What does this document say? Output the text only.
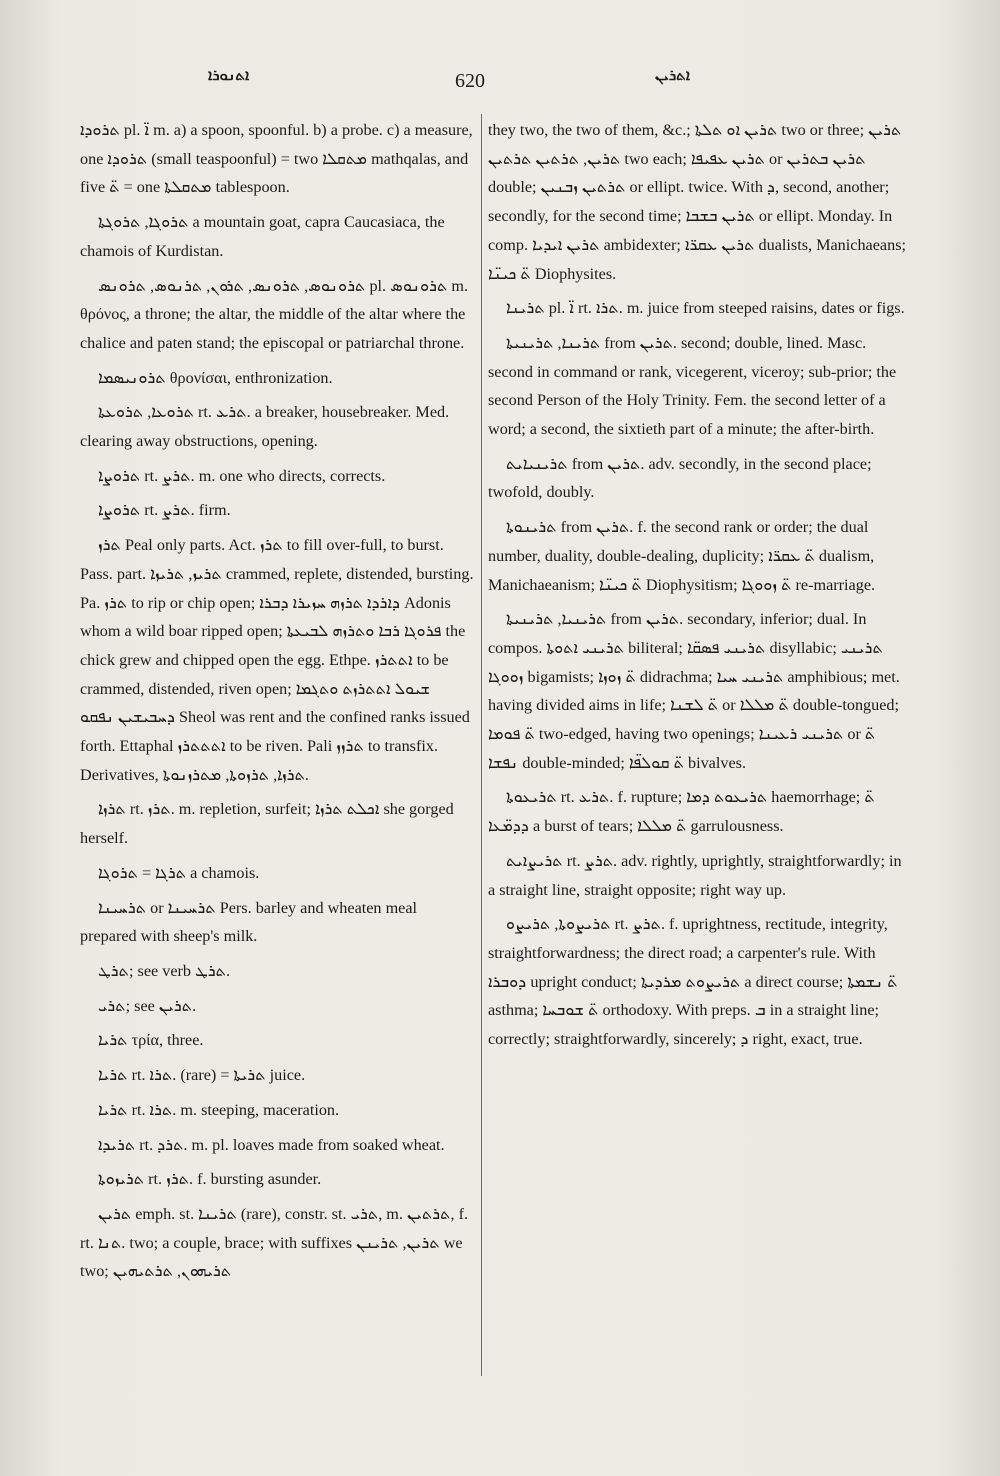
ܐܬܢܘܪܐ	620	ܐܬܪܝܢ

ܬܪܘܕܐ pl. ܐ̈ m. a) a spoon, spoonful. b) a probe. c) a measure, one ܬܪܘܕܐ (small teaspoonful) = two ܡܬܩܠܐ mathqalas, and five ܬ̈ = one ܡܬܩܠܬܐ tablespoon.

ܬܪܘܓܐ, ܬܪܘܓܬܐ a mountain goat, capra Caucasiaca, the chamois of Kurdistan.

ܬܪܘܢܘܣ, ܬܪܘܢܣ, ܬܪܘܢ, ܬܪܢܘܣ, ܬܪܘܢܣ pl. ܬܪܘܢܘܣ m. θρόνος, a throne; the altar, the middle of the altar where the chalice and paten stand; the episcopal or patriarchal throne.

ܬܪܘܢܝܣܡܐ θρονίσαι, enthronization.

ܬܪܘܥܐ, ܬܪܘܥܬܐ rt. ܬܪܥ. a breaker, housebreaker. Med. clearing away obstructions, opening.

ܬܪܘܨܐ rt. ܬܪܨ. m. one who directs, corrects.

ܬܪܘܨܐ rt. ܬܪܨ. firm.

ܬܪܙ Peal only parts. Act. ܬܪܙ to fill over-full, to burst. Pass. part. ܬܪܝܙ, ܬܪܝܙܐ crammed, replete, distended, bursting. Pa. ܬܪܙ to rip or chip open; ܕܐܪܕܐ ܬܪܙܗ ܚܙܝܪܐ ܕܒܪܐ Adonis whom a wild boar ripped open; ܦܪܘܓܐ ܪܒܐ ܘܬܪܙܗ ܠܒܝܥܬܐ the chick grew and chipped open the egg. Ethpe. ܐܬܬܪܙ to be crammed, distended, riven open; ܫܝܘܠ ܐܬܬܪܙܬ ܘܬܓܡܐ ܕܚܒܝܫܝܢ ܢܦܩܘ Sheol was rent and the confined ranks issued forth. Ettaphal ܐܬܬܬܪܙ to be riven. Pali ܬܪܙܙ to transfix. Derivatives, ܬܪܙܐ, ܬܪܙܘܬܐ, ܡܬܪܙܢܘܬܐ.

ܬܪܙܐ rt. ܬܪܙ. m. repletion, surfeit; ܐܟܠܬ ܬܪܙܐ she gorged herself.

ܬܪܓܐ = ܬܪܘܓܐ a chamois.

ܬܪܚܝܢܐ or ܬܪܚܝܢܐ Pers. barley and wheaten meal prepared with sheep's milk.

ܬܪܛ; see verb ܬܪܛ.

ܬܪܝ; see ܬܪܝܢ.

ܬܪܝܐ τρία, three.

ܬܪܝܐ rt. ܬܪܐ. (rare) = ܬܪܝܬܐ juice.

ܬܪܝܐ rt. ܬܪܐ. m. steeping, maceration.

ܬܪܝܕܐ rt. ܬܪܕ. m. pl. loaves made from soaked wheat.

ܬܪܝܙܘܬܐ rt. ܬܪܙ. f. bursting asunder.

ܬܪܝܢ emph. st. ܬܪܝܢܐ (rare), constr. st. ܬܪܝ, m. ܬܪܬܝܢ, f. rt. ܬܢܐ. two; a couple, brace; with suffixes ܬܪܝܢ, ܬܪܝܢܢ we two; ܬܪܝܗܘܢ, ܬܪܬܝܗܝܢ

they two, the two of them, &c.; ܬܪܝܢ ܐܘ ܬܠܬܐ two or three; ܬܪܝܢ ܬܪܝܢ, ܬܪܬܝܢ ܬܪܬܝܢ two each; ܬܪܝܢ ܥܦܝܦܐ or ܬܪܝܢ ܒܬܪܝܢ double; ܬܪܬܝܢ ܙܒܢܝܢ or ellipt. twice. With ܕ, second, another; secondly, for the second time; ܬܪܝܢ ܒܫܒܐ or ellipt. Monday. In comp. ܬܪܝܢ ܐܝܕܝܐ ambidexter; ܬܪܝܢ ܥܩܪ̈ܐ dualists, Manichaeans; ܬ̈ ܟܝܢ̈ܐ Diophysites.

ܬܪܝܢܐ pl. ܐ̈ rt. ܬܪܐ. m. juice from steeped raisins, dates or figs.

ܬܪܝܢܐ, ܬܪܝܢܝܬܐ from ܬܪܝܢ. second; double, lined. Masc. second in command or rank, vicegerent, viceroy; sub-prior; the second Person of the Holy Trinity. Fem. the second letter of a word; a second, the sixtieth part of a minute; the after-birth.

ܬܪܝܢܝܐܝܬ from ܬܪܝܢ. adv. secondly, in the second place; twofold, doubly.

ܬܪܝܢܘܬܐ from ܬܪܝܢ. f. the second rank or order; the dual number, duality, double-dealing, duplicity; ܬ̈ ܥܩܪ̈ܐ dualism, Manichaeanism; ܬ̈ ܟܝܢ̈ܐ Diophysitism; ܬ̈ ܙܘܘܓܐ re-marriage.

ܬܪܝܢܝܐ, ܬܪܝܢܝܬܐ from ܬܪܝܢ. secondary, inferior; dual. In compos. ܬܪܝܢܝ ܐܬܘܬܐ biliteral; ܬܪܝܢܝ ܦܣܩ̈ܐ disyllabic; ܬܪܝܢܝ ܙܘܘܓܐ bigamists; ܬ̈ ܙܘܙܐ didrachma; ܬܪܝܢܝ ܚܝܐ amphibious; met. having divided aims in life; ܬ̈ ܠܫܢܐ or ܬ̈ ܡܠܠܐ double-tongued; ܬ̈ ܦܘܡܐ two-edged, having two openings; ܬܪܝܢܝ ܪܥܝܢܐ or ܬ̈ ܢܦܫܐ double-minded; ܬ̈ ܩܘܠܦ̈ܐ bivalves.

ܬܪܝܥܘܬܐ rt. ܬܪܥ. f. rupture; ܬܪܝܥܘܬ ܕܡܐ haemorrhage; ܬ̈ ܕܕܡ̈ܥܐ a burst of tears; ܬ̈ ܡܠܠܐ garrulousness.

ܬܪܝܨܐܝܬ rt. ܬܪܨ. adv. rightly, uprightly, straightforwardly; in a straight line, straight opposite; right way up.

ܬܪܝܨܘܬܐ, ܬܪܝܨܘ rt. ܬܪܨ. f. uprightness, rectitude, integrity, straightforwardness; the direct road; a carpenter's rule. With ܕܘܒܪܐ upright conduct; ܬܪܝܨܘܬ ܡܪܕܝܬܐ a direct course; ܬ̈ ܢܫܡܬܐ asthma; ܬ̈ ܫܘܒܚܐ orthodoxy. With preps. ܒ in a straight line; correctly; straightforwardly, sincerely; ܕ right, exact, true.
